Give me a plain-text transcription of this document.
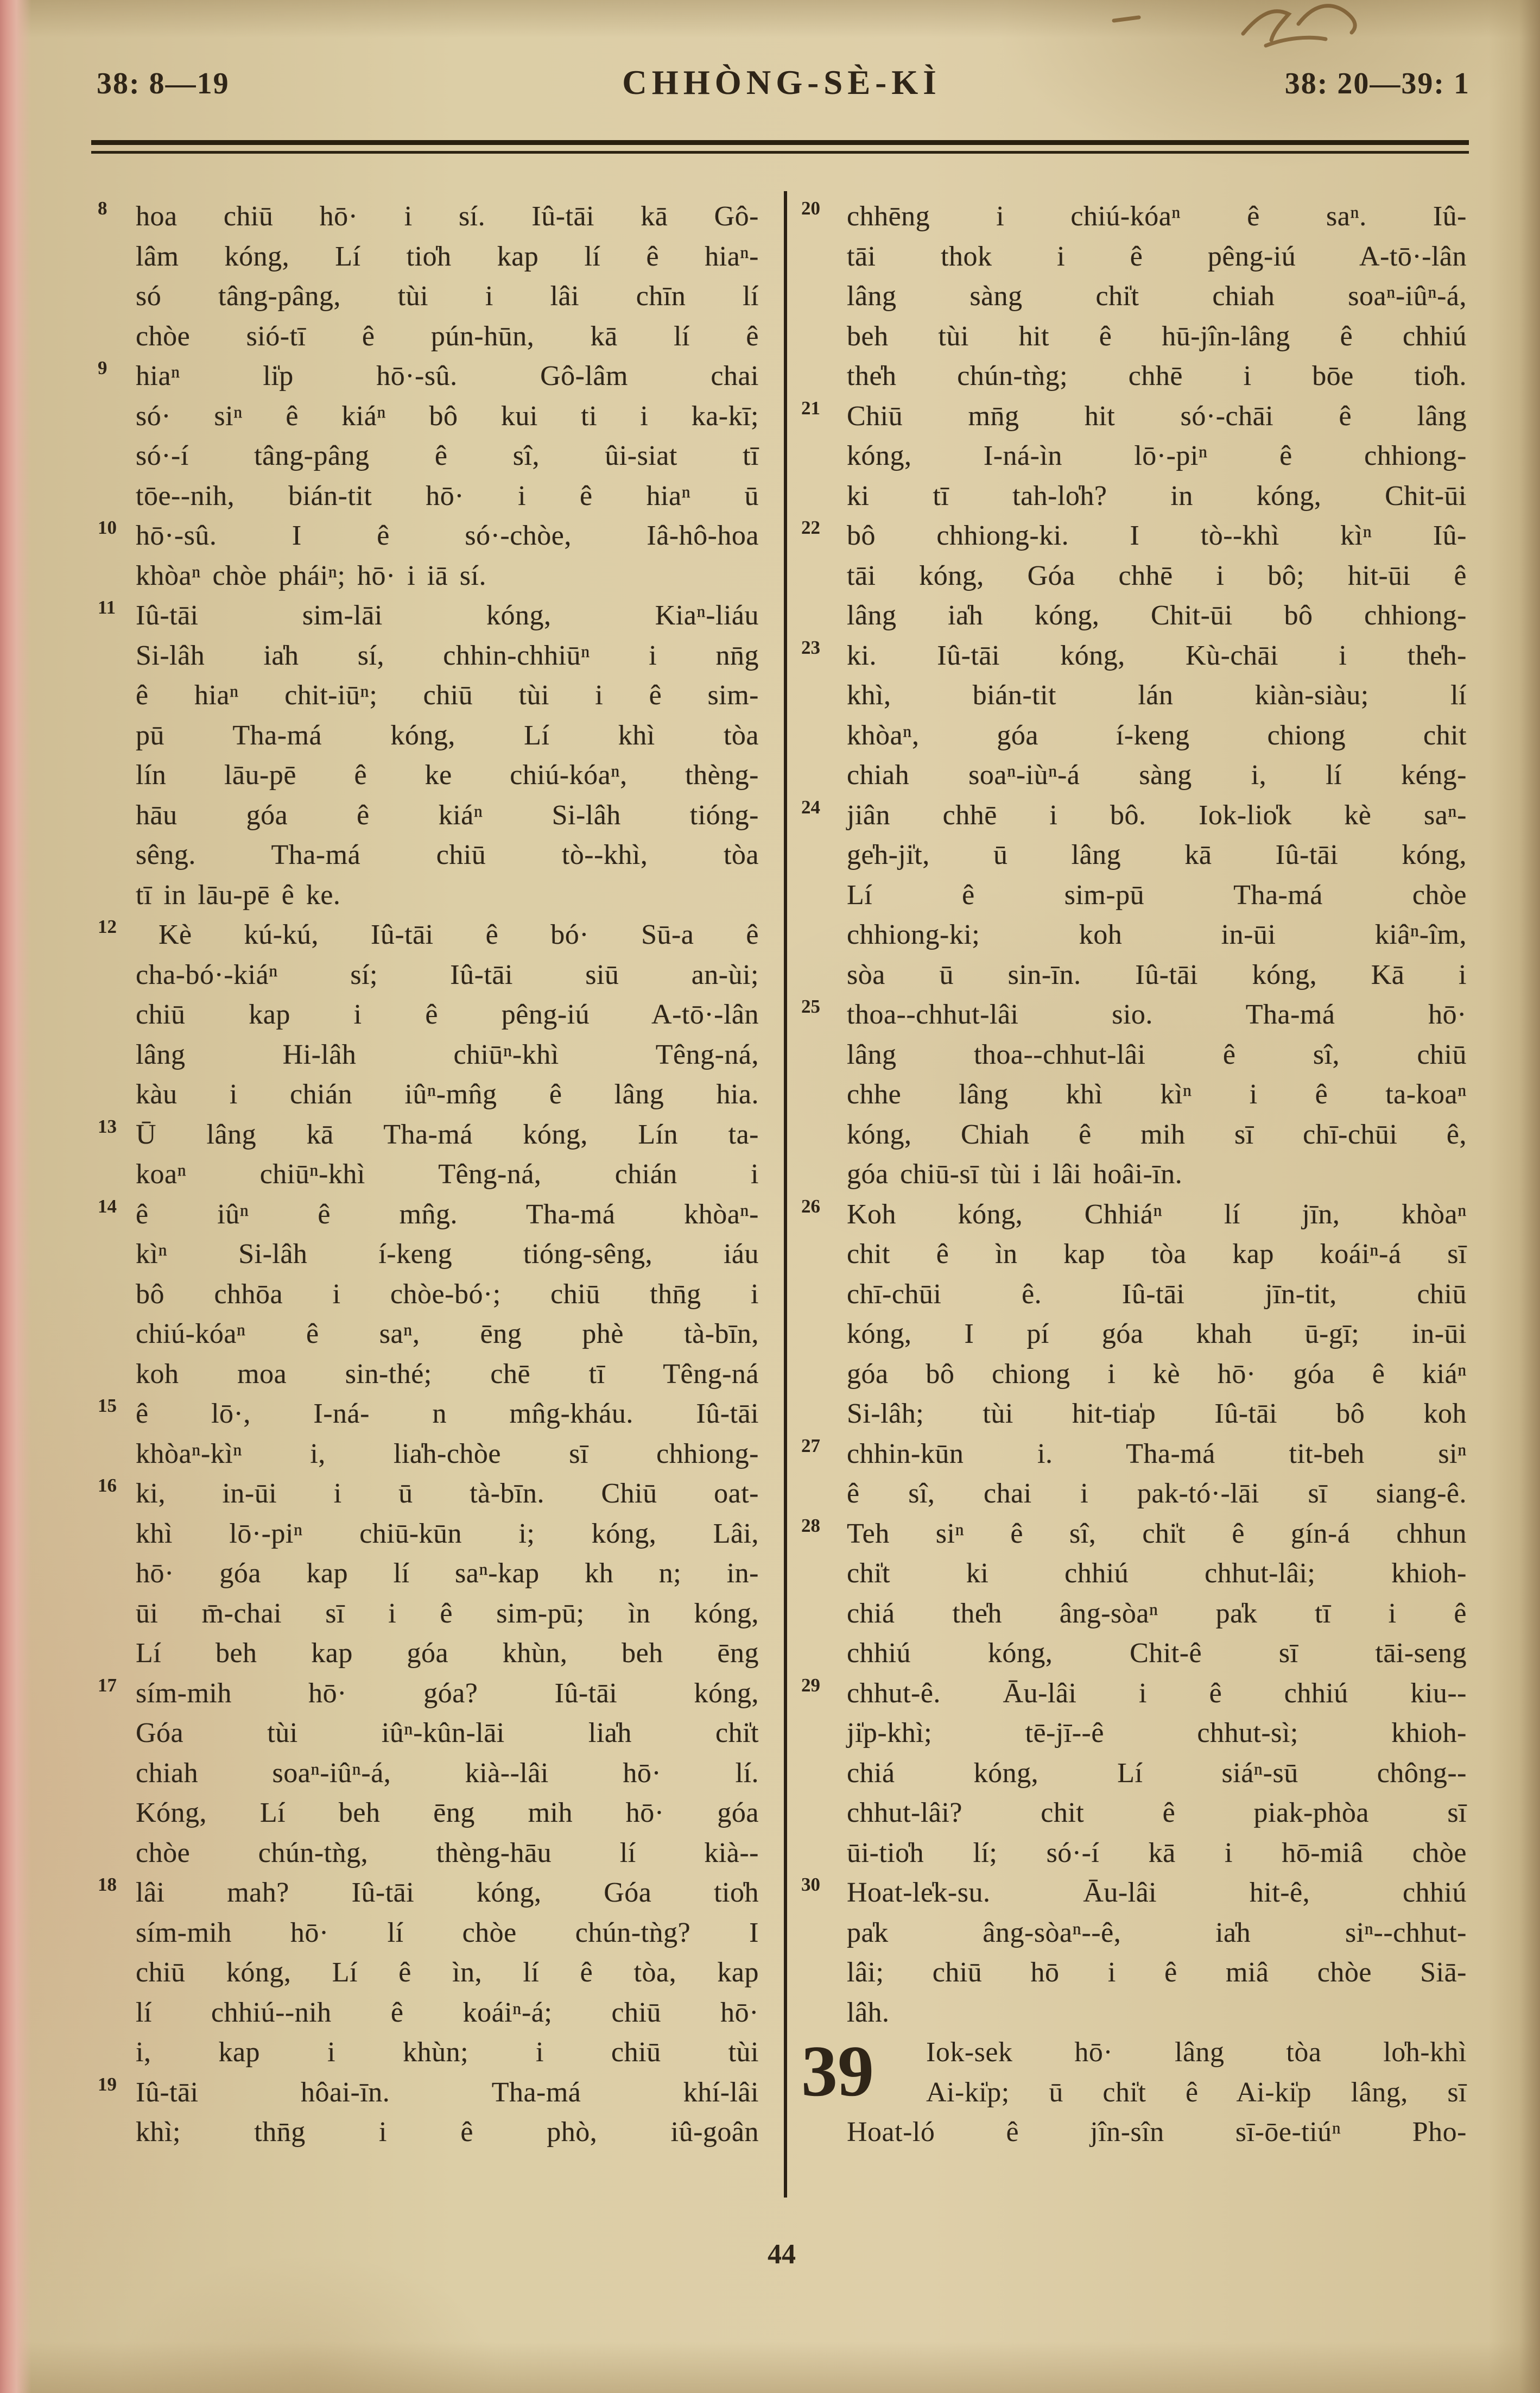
38: 8—19	CHHÒNG-SÈ-KÌ	38: 20—39: 1
8 hoa chiū hō· i sí. Iû-tāi kā Gô-
lâm kóng, Lí tio̍h kap lí ê hiaⁿ-
só tâng-pâng, tùi i lâi chīn lí
chòe sió-tī ê pún-hūn, kā lí ê
9 hiaⁿ li̍p hō·-sû. Gô-lâm chai
só· siⁿ ê kiáⁿ bô kui ti i ka-kī;
só·-í tâng-pâng ê sî, ûi-siat tī
tōe--nih, bián-tit hō· i ê hiaⁿ ū
10 hō·-sû. I ê só·-chòe, Iâ-hô-hoa
khòaⁿ chòe pháiⁿ; hō· i iā sí.
11 Iû-tāi sim-lāi kóng, Kiaⁿ-liáu
Si-lâh ia̍h sí, chhin-chhiūⁿ i nn̄g
ê hiaⁿ chit-iūⁿ; chiū tùi i ê sim-
pū Tha-má kóng, Lí khì tòa
lín lāu-pē ê ke chiú-kóaⁿ, thèng-
hāu góa ê kiáⁿ Si-lâh tióng-
sêng. Tha-má chiū tò--khì, tòa
tī in lāu-pē ê ke.
12 Kè kú-kú, Iû-tāi ê bó· Sū-a ê
cha-bó·-kiáⁿ sí; Iû-tāi siū an-ùi;
chiū kap i ê pêng-iú A-tō·-lân
lâng Hi-lâh chiūⁿ-khì Têng-ná,
kàu i chián iûⁿ-mn̂g ê lâng hia.
13 Ū lâng kā Tha-má kóng, Lín ta-
koaⁿ chiūⁿ-khì Têng-ná, chián i
14 ê iûⁿ ê mn̂g. Tha-má khòaⁿ-
kìⁿ Si-lâh í-keng tióng-sêng, iáu
bô chhōa i chòe-bó·; chiū thn̄g i
chiú-kóaⁿ ê saⁿ, ēng phè tà-bīn,
koh moa sin-thé; chē tī Têng-ná
15 ê lō·, I-ná- n mn̂g-kháu. Iû-tāi
khòaⁿ-kìⁿ i, lia̍h-chòe sī chhiong-
16 ki, in-ūi i ū tà-bīn. Chiū oat-
khì lō·-piⁿ chiū-kūn i; kóng, Lâi,
hō· góa kap lí saⁿ-kap kh n; in-
ūi m̄-chai sī i ê sim-pū; ìn kóng,
Lí beh kap góa khùn, beh ēng
17 sím-mih hō· góa? Iû-tāi kóng,
Góa tùi iûⁿ-kûn-lāi lia̍h chi̍t
chiah soaⁿ-iûⁿ-á, kià--lâi hō· lí.
Kóng, Lí beh ēng mih hō· góa
chòe chún-tǹg, thèng-hāu lí kià--
18 lâi mah? Iû-tāi kóng, Góa tio̍h
sím-mih hō· lí chòe chún-tǹg? I
chiū kóng, Lí ê ìn, lí ê tòa, kap
lí chhiú--nih ê koáiⁿ-á; chiū hō·
i, kap i khùn; i chiū tùi
19 Iû-tāi hôai-īn. Tha-má khí-lâi
khì; thn̄g i ê phò, iû-goân
20 chhēng i chiú-kóaⁿ ê saⁿ. Iû-
tāi thok i ê pêng-iú A-tō·-lân
lâng sàng chi̍t chiah soaⁿ-iûⁿ-á,
beh tùi hit ê hū-jîn-lâng ê chhiú
the̍h chún-tǹg; chhē i bōe tio̍h.
21 Chiū mn̄g hit só·-chāi ê lâng
kóng, I-ná-ìn lō·-piⁿ ê chhiong-
ki tī tah-lo̍h? in kóng, Chit-ūi
22 bô chhiong-ki. I tò--khì kìⁿ Iû-
tāi kóng, Góa chhē i bô; hit-ūi ê
lâng ia̍h kóng, Chit-ūi bô chhiong-
23 ki. Iû-tāi kóng, Kù-chāi i the̍h-
khì, bián-tit lán kiàn-siàu; lí
khòaⁿ, góa í-keng chiong chit
chiah soaⁿ-iùⁿ-á sàng i, lí kéng-
24 jiân chhē i bô. Iok-lio̍k kè saⁿ-
ge̍h-ji̍t, ū lâng kā Iû-tāi kóng,
Lí ê sim-pū Tha-má chòe
chhiong-ki; koh in-ūi kiâⁿ-îm,
sòa ū sin-īn. Iû-tāi kóng, Kā i
25 thoa--chhut-lâi sio. Tha-má hō·
lâng thoa--chhut-lâi ê sî, chiū
chhe lâng khì kìⁿ i ê ta-koaⁿ
kóng, Chiah ê mih sī chī-chūi ê,
góa chiū-sī tùi i lâi hoâi-īn.
26 Koh kóng, Chhiáⁿ lí jīn, khòaⁿ
chit ê ìn kap tòa kap koáiⁿ-á sī
chī-chūi ê. Iû-tāi jīn-tit, chiū
kóng, I pí góa khah ū-gī; in-ūi
góa bô chiong i kè hō· góa ê kiáⁿ
Si-lâh; tùi hit-tia̍p Iû-tāi bô koh
27 chhin-kūn i. Tha-má tit-beh siⁿ
ê sî, chai i pak-tó·-lāi sī siang-ê.
28 Teh siⁿ ê sî, chi̍t ê gín-á chhun
chi̍t ki chhiú chhut-lâi; khioh-
chiá the̍h âng-sòaⁿ pa̍k tī i ê
chhiú kóng, Chit-ê sī tāi-seng
29 chhut-ê. Āu-lâi i ê chhiú kiu--
ji̍p-khì; tē-jī--ê chhut-sì; khioh-
chiá kóng, Lí siáⁿ-sū chông--
chhut-lâi? chit ê piak-phòa sī
ūi-tio̍h lí; só·-í kā i hō-miâ chòe
30 Hoat-le̍k-su. Āu-lâi hit-ê, chhiú
pa̍k âng-sòaⁿ--ê, ia̍h siⁿ--chhut-
lâi; chiū hō i ê miâ chòe Siā-
lâh.
39	Iok-sek hō· lâng tòa lo̍h-khì
Ai-ki̍p; ū chi̍t ê Ai-ki̍p lâng, sī
Hoat-ló ê jîn-sîn sī-ōe-tiúⁿ Pho-
44
